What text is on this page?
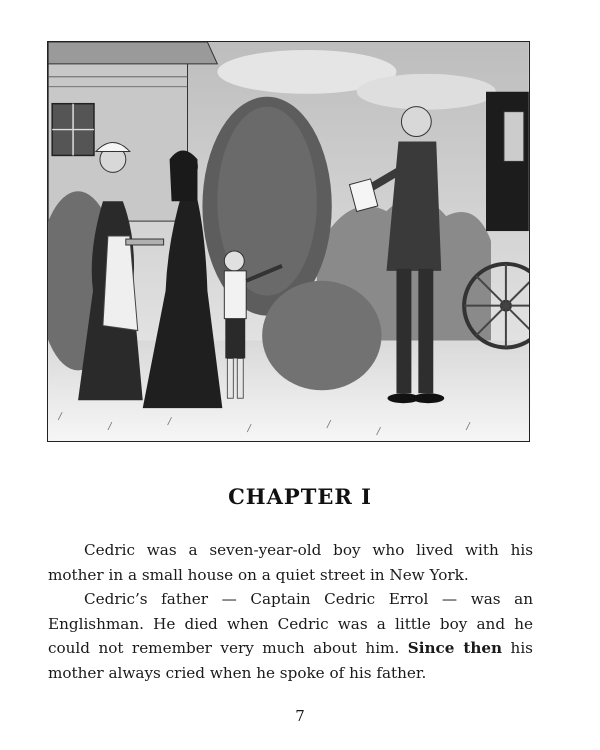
CHAPTER I

Cedric was a seven-year-old boy who lived with his mother in a small house on a quiet street in New York.

Cedric’s father — Captain Cedric Errol — was an Englishman. He died when Cedric was a little boy and he could not remember very much about him. Since then his mother always cried when he spoke of his father.

7
